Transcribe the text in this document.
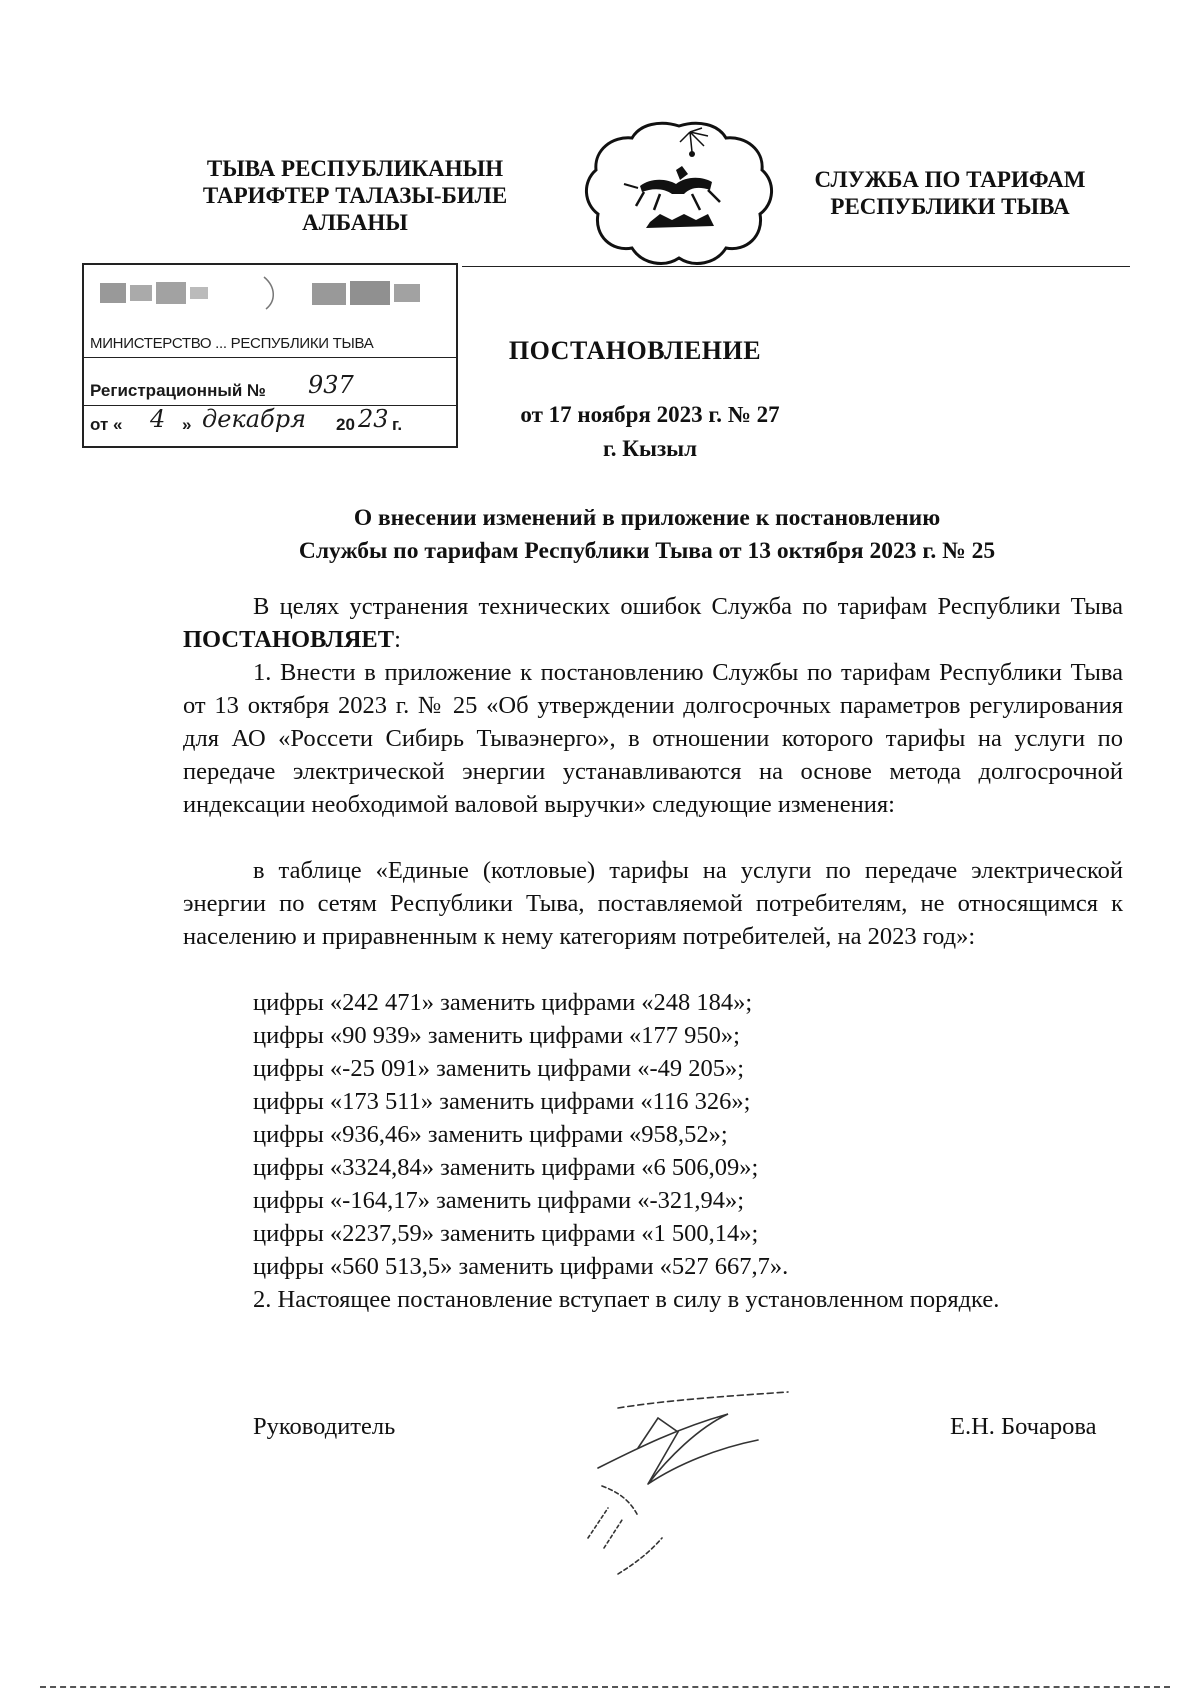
ТЫВА РЕСПУБЛИКАНЫН
ТАРИФТЕР ТАЛАЗЫ-БИЛЕ
АЛБАНЫ
СЛУЖБА ПО ТАРИФАМ
РЕСПУБЛИКИ ТЫВА
МИНИСТЕРСТВО ... РЕСПУБЛИКИ ТЫВА
Регистрационный № 937
от « 4 » декабря 20 23 г.
ПОСТАНОВЛЕНИЕ
от 17 ноября 2023 г. № 27
г. Кызыл
О внесении изменений в приложение к постановлению
Службы по тарифам Республики Тыва от 13 октября 2023 г. № 25
В целях устранения технических ошибок Служба по тарифам Республики Тыва ПОСТАНОВЛЯЕТ:
1. Внести в приложение к постановлению Службы по тарифам Республики Тыва от 13 октября 2023 г. № 25 «Об утверждении долгосрочных параметров регулирования для АО «Россети Сибирь Тываэнерго», в отношении которого тарифы на услуги по передаче электрической энергии устанавливаются на основе метода долгосрочной индексации необходимой валовой выручки» следующие изменения:
в таблице «Единые (котловые) тарифы на услуги по передаче электрической энергии по сетям Республики Тыва, поставляемой потребителям, не относящимся к населению и приравненным к нему категориям потребителей, на 2023 год»:
цифры «242 471» заменить цифрами «248 184»;
цифры «90 939» заменить цифрами «177 950»;
цифры «-25 091» заменить цифрами «-49 205»;
цифры «173 511» заменить цифрами «116 326»;
цифры «936,46» заменить цифрами «958,52»;
цифры «3324,84» заменить цифрами «6 506,09»;
цифры «-164,17» заменить цифрами «-321,94»;
цифры «2237,59» заменить цифрами «1 500,14»;
цифры «560 513,5» заменить цифрами «527 667,7».
2. Настоящее постановление вступает в силу в установленном порядке.
Руководитель	Е.Н. Бочарова
